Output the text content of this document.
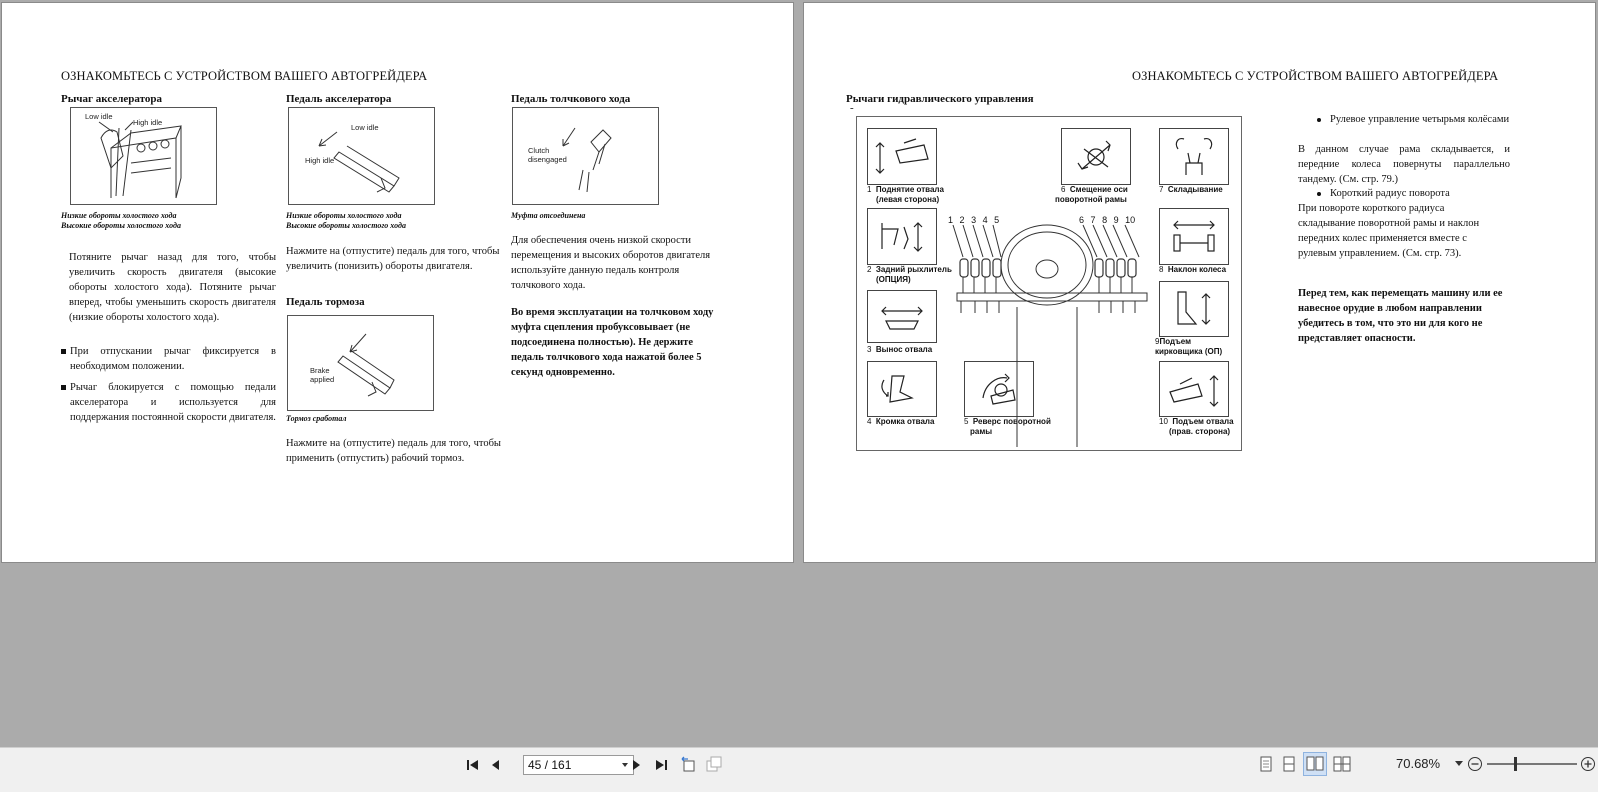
ОЗНАКОМЬТЕСЬ С УСТРОЙСТВОМ ВАШЕГО АВТОГРЕЙДЕРА
Рычаг акселератора
Low idle
High idle
Низкие обороты холостого хода
Высокие обороты холостого хода
Потяните рычаг назад для того, чтобы увеличить скорость двигателя (высокие обороты холостого хода). Потяните рычаг вперед, чтобы уменьшить скорость двигателя (низкие обороты холостого хода).
При отпускании рычаг фиксируется в необходимом положении.
Рычаг блокируется с помощью педали акселератора и используется для поддержания постоянной скорости двигателя.
Педаль акселератора
Low idle
High idle
Низкие обороты холостого хода
Высокие обороты холостого хода
Нажмите на (отпустите) педаль для того, чтобы увеличить (понизить) обороты двигателя.
Педаль тормоза
Brake
applied
Тормоз сработал
Нажмите на (отпустите) педаль для того, чтобы применить (отпустить) рабочий тормоз.
Педаль толчкового хода
Clutch
disengaged
Муфта отсоединена
Для обеспечения очень низкой скорости перемещения и высоких оборотов двигателя используйте данную педаль контроля толчкового хода.
Во время эксплуатации на толчковом ходу муфта сцепления пробуксовывает (не подсоединена полностью). Не держите педаль толчкового хода нажатой более 5 секунд одновременно.
ОЗНАКОМЬТЕСЬ С УСТРОЙСТВОМ ВАШЕГО АВТОГРЕЙДЕРА
Рычаги гидравлического управления
-
1 Поднятие отвала
(левая сторона)
2 Задний рыхлитель
(ОПЦИЯ)
3 Вынос отвала
4 Кромка отвала	5 Реверс поворотной
рамы
6 Смещение оси
поворотной рамы
7 Складывание
8 Наклон колеса
9Подъем
кирковщика (ОП)
10 Подъем отвала
(прав. сторона)
1 2 3 4 5	6 7 8 9 10
Рулевое управление четырьмя колёсами
В данном случае рама складывается, и передние колеса повернуты параллельно тандему. (См. стр. 79.)
Короткий радиус поворота
При повороте короткого радиуса складывание поворотной рамы и наклон передних колес применяется вместе с рулевым управлением. (См. стр. 73).
Перед тем, как перемещать машину или ее навесное орудие в любом направлении убедитесь в том, что это ни для кого не представляет опасности.
45 / 161	70.68%
